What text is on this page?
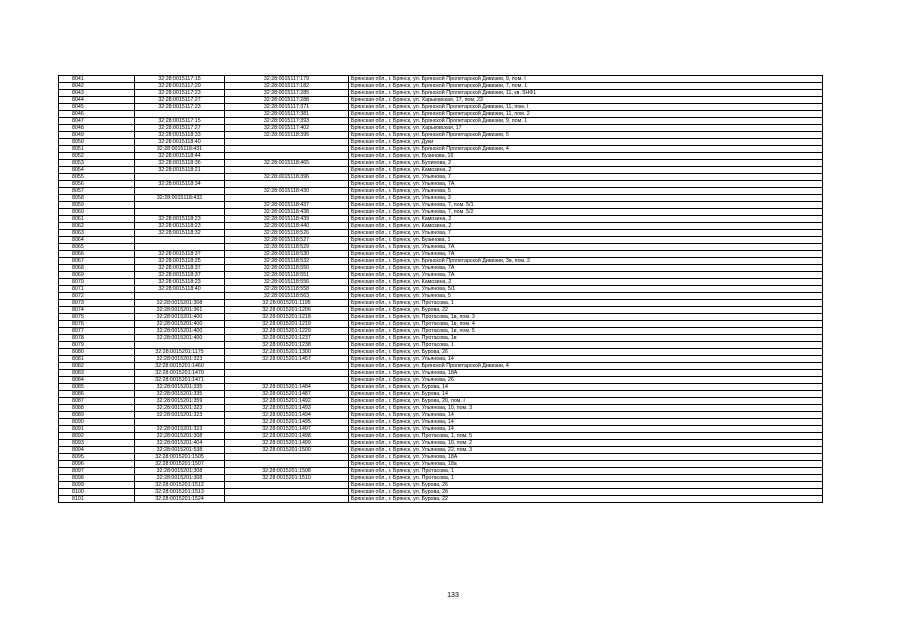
8041	32:28:0015117:15	32:28:0015117:179	Брянская обл., г. Брянск, ул. Брянской Пролетарской Дивизии, 9, пом. I
8042	32:28:0015117:20	32:28:0015117:182	Брянская обл., г. Брянск, ул. Брянской Пролетарской Дивизии, 7, пом. 1
8043	32:28:0015117:23	32:28:0015117:285	Брянская обл., г. Брянск, ул. Брянской Пролетарской Дивизии, 11, кв. 5НФ1
8044	32:28:0015117:27	32:28:0015117:288	Брянская обл., г. Брянск, ул. Харьковская, 17, пом. 23
8045	32:28:0015117:23	32:28:0015117:371	Брянская обл., г. Брянск, ул. Брянской Пролетарской Дивизии, 11, пом. I
8046		32:28:0015117:381	Брянская обл., г. Брянск, ул. Брянской Пролетарской Дивизии, 11, пом. 2
8047	32:28:0015117:15	32:28:0015117:393	Брянская обл., г. Брянск, ул. Брянской Пролетарской Дивизии, 9, пом. 1
8048	32:28:0015117:27	32:28:0015117:402	Брянская обл., г. Брянск, ул. Харьковская, 17
8049	32:28:0015118:33	32:28:0015118:395	Брянская обл., г. Брянск, ул. Брянской Пролетарской Дивизии, 5
8050	32:28:0015118:40		Брянская обл., г. Брянск, ул. Дуки
8051	32:28:0015118:431		Брянская обл., г. Брянск, ул. Брянской Пролетарской Дивизии, 4
8052	32:28:0015118:44		Брянская обл., г. Брянск, ул. Бузинова, 16
8053	32:28:0015118:36	32:28:0015118:465	Брянская обл., г. Брянск, ул. Булинова, 2
8054	32:28:0015118:21		Брянская обл., г. Брянск, ул. Камозина, 2
8055		32:28:0015118:396	Брянская обл., г. Брянск, ул. Ульянова, 7
8056	32:28:0015118:34		Брянская обл., г. Брянск, ул. Ульянова, 7А
8057		32:28:0015118:430	Брянская обл., г. Брянск, ул. Ульянова, 5
8058	32:28:0015118:432		Брянская обл., г. Брянск, ул. Ульянова, 3
8059		32:28:0015118:437	Брянская обл., г. Брянск, ул. Ульянова, 7, пом. 5/1
8060		32:28:0015118:438	Брянская обл., г. Брянск, ул. Ульянова, 7, пом. 5/2
8061	32:28:0015118:23	32:28:0015118:439	Брянская обл., г. Брянск, ул. Камозина, 2
8062	32:28:0015118:23	32:28:0015118:440	Брянская обл., г. Брянск, ул. Камозина, 2
8063	32:28:0015118:32	32:28:0015118:526	Брянская обл., г. Брянск, ул. Ульянова, 7
8064		32:28:0015118:527	Брянская обл., г. Брянск, ул. Бузинова, 1
8065		32:28:0015118:529	Брянская обл., г. Брянск, ул. Ульянова, 7А
8066	32:28:0015118:37	32:28:0015118:530	Брянская обл., г. Брянск, ул. Ульянова, 7А
8067	32:28:0015118:25	32:28:0015118:532	Брянская обл., г. Брянск, ул. Брянской Пролетарской Дивизии, 3в, пом. 2
8068	32:28:0015118:37	32:28:0015118:550	Брянская обл., г. Брянск, ул. Ульянова, 7А
8069	32:28:0015118:37	32:28:0015118:551	Брянская обл., г. Брянск, ул. Ульянова, 7А
8070	32:28:0015118:23	32:28:0015118:556	Брянская обл., г. Брянск, ул. Камозина, 2
8071	32:28:0015118:40	32:28:0015118:558	Брянская обл., г. Брянск, ул. Ульянова, 5/1
8072		32:28:0015118:563	Брянская обл., г. Брянск, ул. Ульянова, 5
8073	32:28:0015201:308	32:28:0015201:1195	Брянская обл., г. Брянск, ул. Протасова, 1
8074	32:28:0015201:361	32:28:0015201:1206	Брянская обл., г. Брянск, ул. Бурова, 22
8075	32:28:0015201:400	32:28:0015201:1218	Брянская обл., г. Брянск, ул. Протасова, 1в, пом. 3
8076	32:28:0015201:400	32:28:0015201:1219	Брянская обл., г. Брянск, ул. Протасова, 1в, пом. 4
8077	32:28:0015201:400	32:28:0015201:1220	Брянская обл., г. Брянск, ул. Протасова, 1в, пом. 5
8078	32:28:0015201:400	32:28:0015201:1237	Брянская обл., г. Брянск, ул. Протасова, 1в
8079		32:28:0015201:1238	Брянская обл., г. Брянск, ул. Протасова, 1
8080	32:28:0015201:1175	32:28:0015201:1300	Брянская обл., г. Брянск, ул. Бурова, 26
8081	32:28:0015201:323	32:28:0015201:1457	Брянская обл., г. Брянск, ул. Ульянова, 14
8082	32:28:0015201:1460		Брянская обл., г. Брянск, ул. Брянской Пролетарской Дивизии, 4
8083	32:28:0015201:1470		Брянская обл., г. Брянск, ул. Ульянова, 18А
8084	32:28:0015201:1471		Брянская обл., г. Брянск, ул. Ульянова, 26
8085	32:28:0015201:335	32:28:0015201:1484	Брянская обл., г. Брянск, ул. Бурова, 14
8086	32:28:0015201:335	32:28:0015201:1487	Брянская обл., г. Брянск, ул. Бурова, 14
8087	32:28:0015201:359	32:28:0015201:1492	Брянская обл., г. Брянск, ул. Бурова, 20, пом. I
8088	32:28:0015201:323	32:28:0015201:1493	Брянская обл., г. Брянск, ул. Ульянова, 10, пом. 3
8089	32:28:0015201:323	32:28:0015201:1494	Брянская обл., г. Брянск, ул. Ульянова, 14
8090		32:28:0015201:1495	Брянская обл., г. Брянск, ул. Ульянова, 14
8091	32:28:0015201:323	32:28:0015201:1497	Брянская обл., г. Брянск, ул. Ульянова, 14
8092	32:28:0015201:308	32:28:0015201:1498	Брянская обл., г. Брянск, ул. Протасова, 1, пом. 5
8093	32:28:0015201:404	32:28:0015201:1499	Брянская обл., г. Брянск, ул. Ульянова, 10, пом. 2
8094	32:28:0015201:538	32:28:0015201:1500	Брянская обл., г. Брянск, ул. Ульянова, 22, пом. 3
8095	32:28:0015201:1505		Брянская обл., г. Брянск, ул. Ульянова, 18А
8096	32:28:0015201:1507		Брянская обл., г. Брянск, ул. Ульянова, 18а
8097	32:28:0015201:308	32:28:0015201:1508	Брянская обл., г. Брянск, ул. Протасова, 1
8098	32:28:0015201:308	32:28:0015201:1510	Брянская обл., г. Брянск, ул. Протасова, 1
8099	32:28:0015201:1512		Брянская обл., г. Брянск, ул. Бурова, 26
8100	32:28:0015201:1513		Брянская обл., г. Брянск, ул. Бурова, 2б
8101	32:28:0015201:1524		Брянская обл., г. Брянск, ул. Бурова, 22
133
